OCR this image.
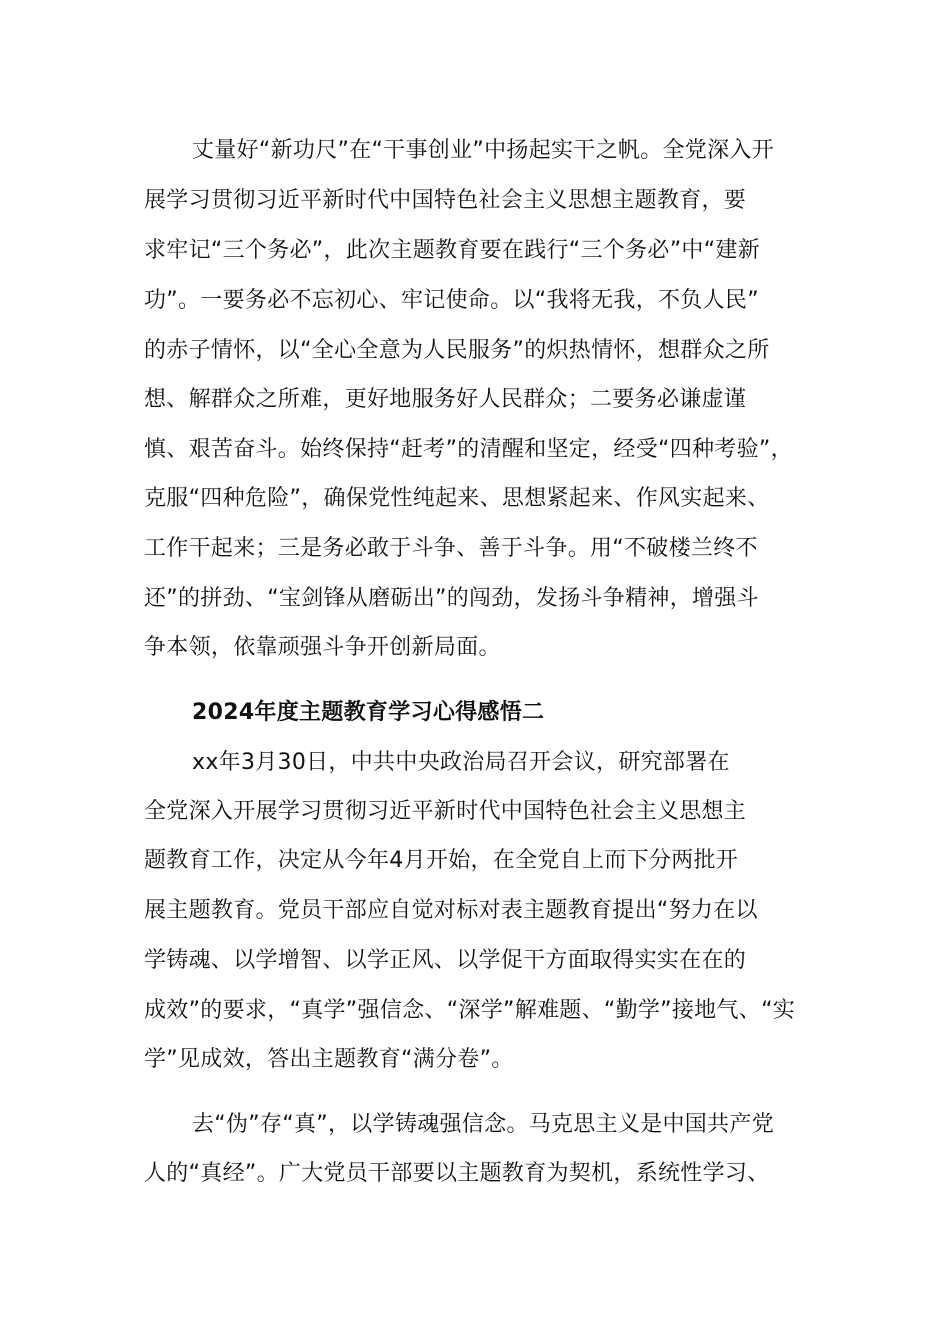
丈量好“新功尺”在“干事创业”中扬起实干之帆。全党深入开
展学习贯彻习近平新时代中国特色社会主义思想主题教育，要
求牢记“三个务必”，此次主题教育要在践行“三个务必”中“建新
功”。一要务必不忘初心、牢记使命。以“我将无我，不负人民”
的赤子情怀，以“全心全意为人民服务”的炽热情怀，想群众之所
想、解群众之所难，更好地服务好人民群众；二要务必谦虚谨
慎、艰苦奋斗。始终保持“赶考”的清醒和坚定，经受“四种考验”，
克服“四种危险”，确保党性纯起来、思想紧起来、作风实起来、
工作干起来；三是务必敢于斗争、善于斗争。用“不破楼兰终不
还”的拼劲、“宝剑锋从磨砺出”的闯劲，发扬斗争精神，增强斗
争本领，依靠顽强斗争开创新局面。
2024年度主题教育学习心得感悟二
xx年3月30日，中共中央政治局召开会议，研究部署在
全党深入开展学习贯彻习近平新时代中国特色社会主义思想主
题教育工作，决定从今年4月开始，在全党自上而下分两批开
展主题教育。党员干部应自觉对标对表主题教育提出“努力在以
学铸魂、以学增智、以学正风、以学促干方面取得实实在在的
成效”的要求，“真学”强信念、“深学”解难题、“勤学”接地气、“实
学”见成效，答出主题教育“满分卷”。
去“伪”存“真”，以学铸魂强信念。马克思主义是中国共产党
人的“真经”。广大党员干部要以主题教育为契机，系统性学习、
